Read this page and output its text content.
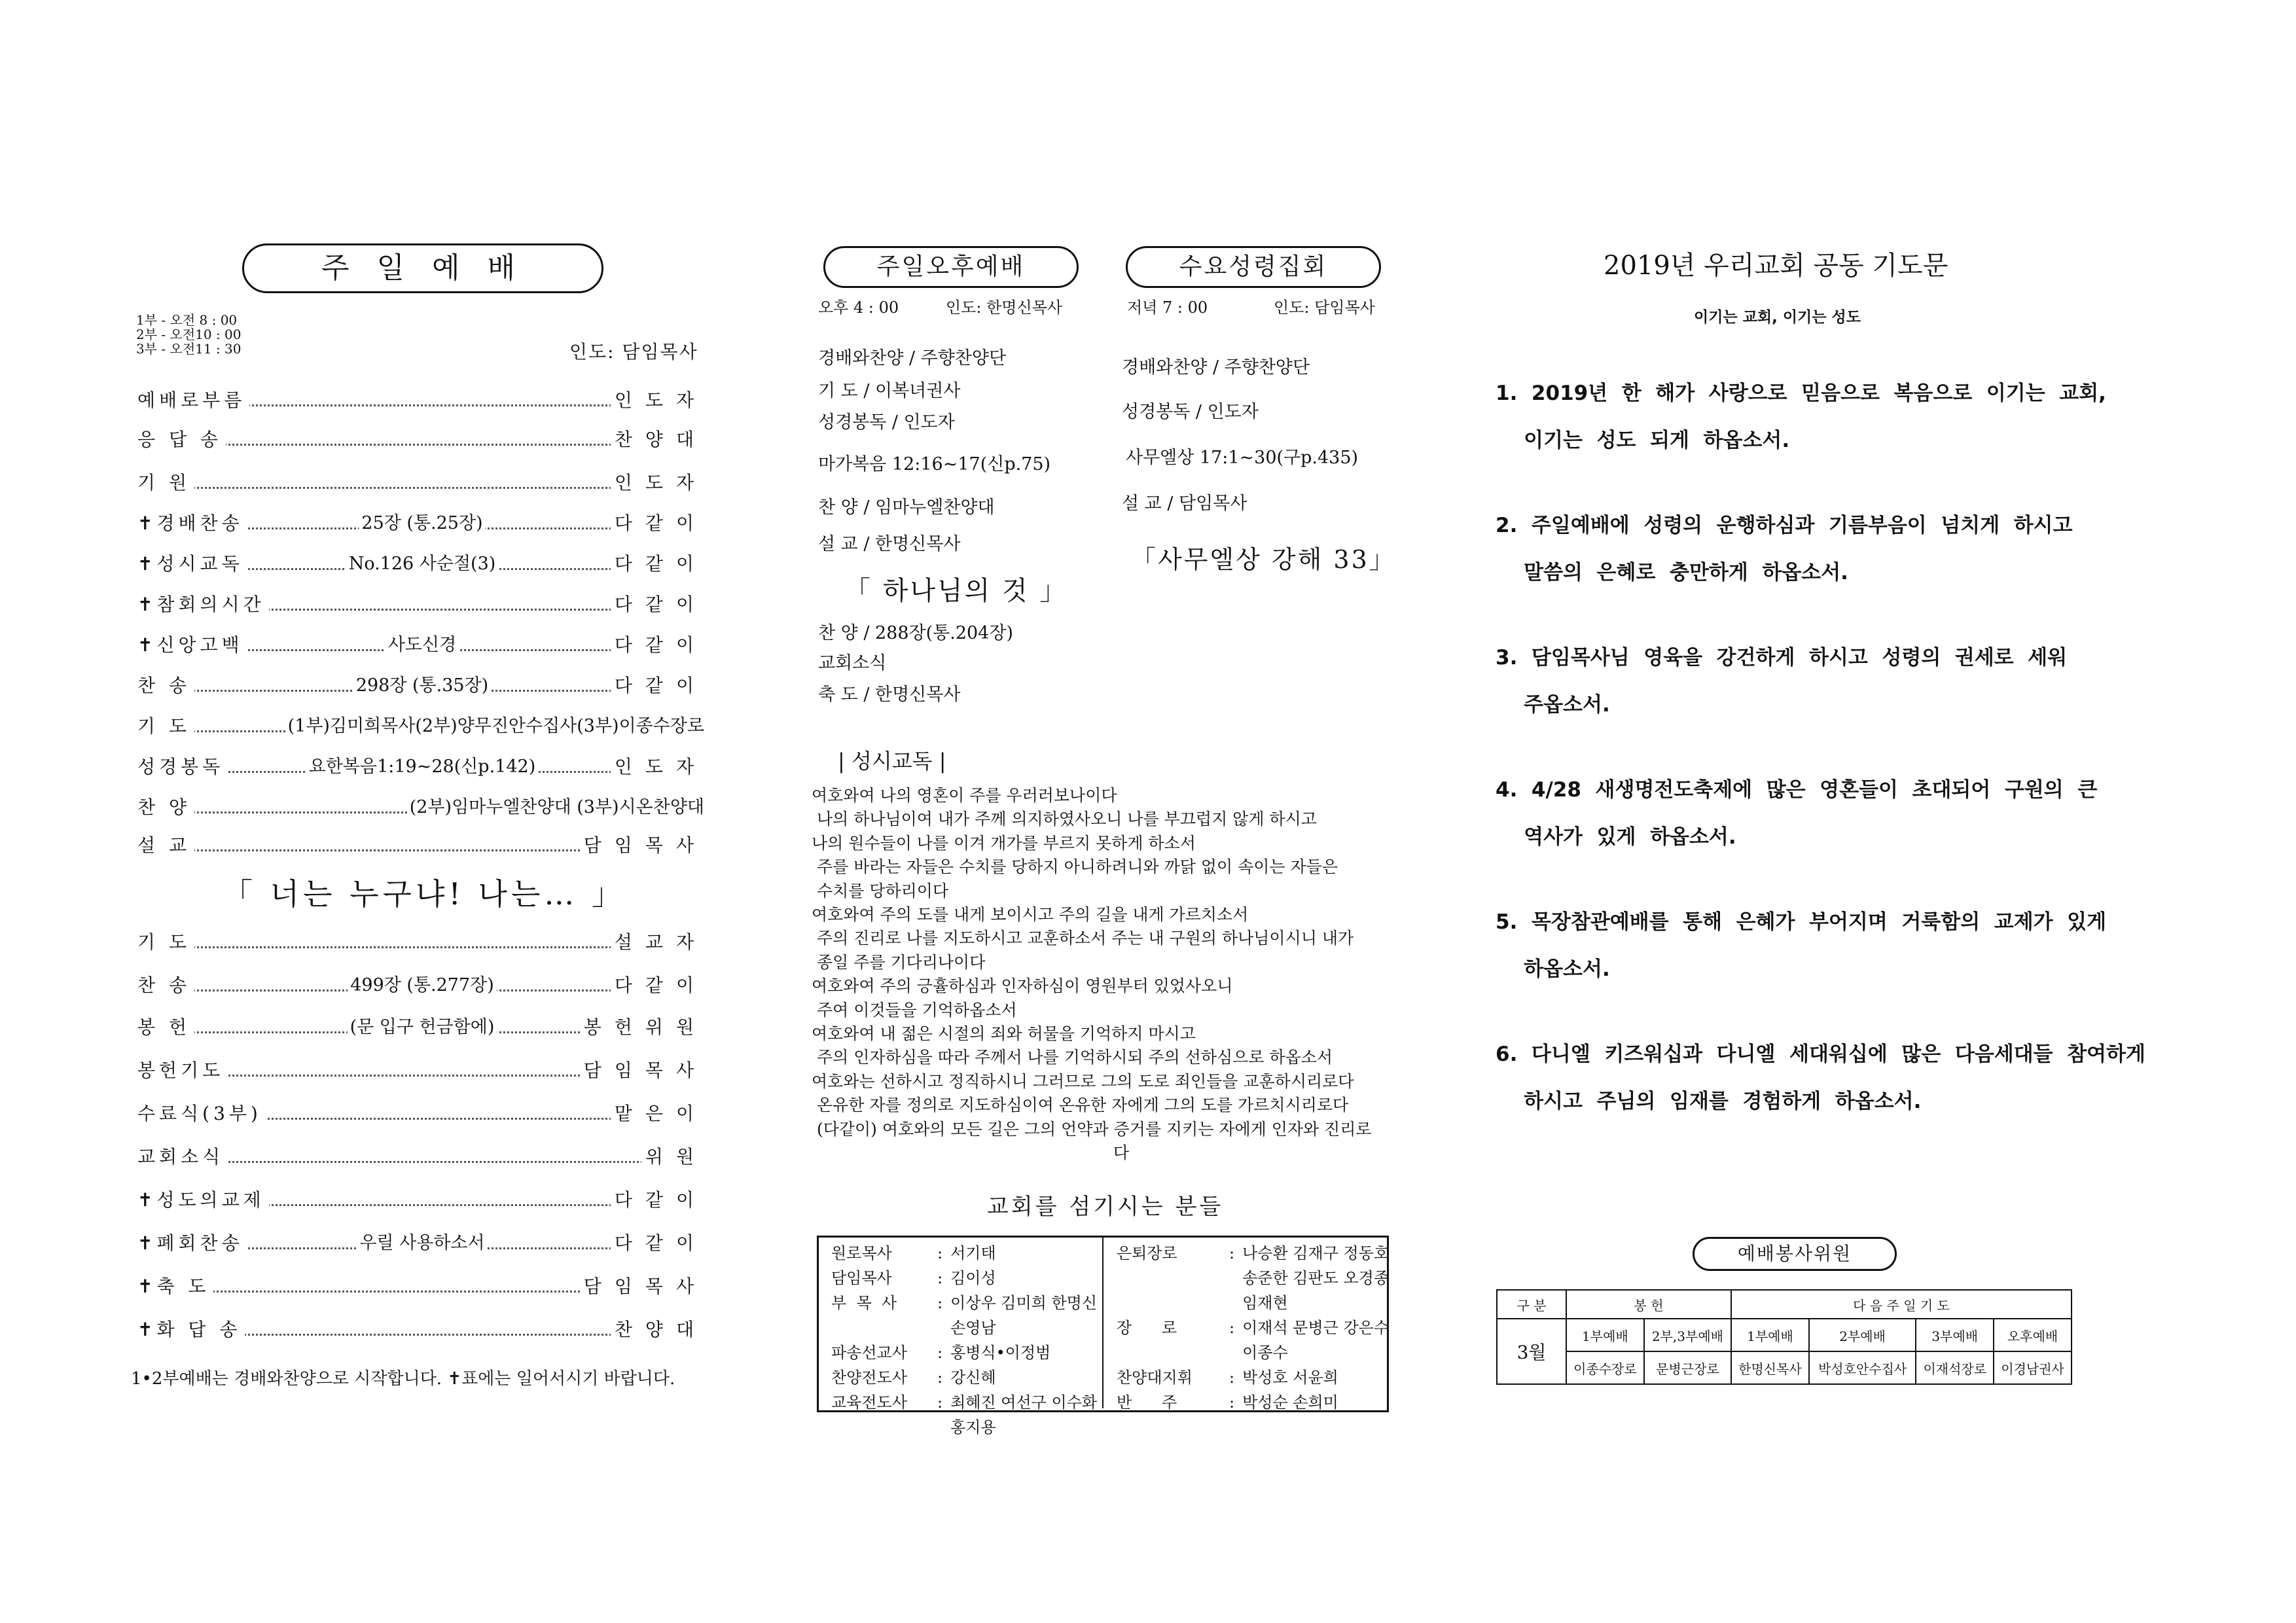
주 일 예 배
1부 - 오전 8 : 00
2부 - 오전10 : 00
3부 - 오전11 : 30	인도: 담임목사
예배로부름	인도자
응 답 송	찬양대
기 원	인도자
✝경배찬송	25장 (통.25장)	다같이
✝성시교독	No.126 사순절(3)	다같이
✝참회의시간	다같이
✝신앙고백	사도신경	다같이
찬 송	298장 (통.35장)	다같이
기 도	(1부)김미희목사(2부)양무진안수집사(3부)이종수장로
성경봉독	요한복음1:19~28(신p.142)	인도자
찬 양	(2부)임마누엘찬양대 (3부)시온찬양대
설 교	담임목사
「 너는 누구냐! 나는… 」
기 도	설교자
찬 송	499장 (통.277장)	다같이
봉 헌	(문 입구 헌금함에)	봉헌위원
봉헌기도	담임목사
수료식(3부)	맡은이
교회소식	위원
✝성도의교제	다같이
✝폐회찬송	우릴 사용하소서	다같이
✝축 도	담임목사
✝화 답 송	찬양대
1•2부예배는 경배와찬양으로 시작합니다. ✝표에는 일어서시기 바랍니다.
주일오후예배
오후 4 : 00	인도: 한명신목사
경배와찬양 / 주향찬양단
기 도 / 이복녀권사
성경봉독 / 인도자
마가복음 12:16~17(신p.75)
찬 양 / 임마누엘찬양대
설 교 / 한명신목사
「 하나님의 것 」
찬 양 / 288장(통.204장)
교회소식
축 도 / 한명신목사
수요성령집회
저녁 7 : 00	인도: 담임목사
경배와찬양 / 주향찬양단
성경봉독 / 인도자
사무엘상 17:1~30(구p.435)
설 교 / 담임목사
「사무엘상 강해 33」
| 성시교독 |
여호와여 나의 영혼이 주를 우러러보나이다
나의 하나님이여 내가 주께 의지하였사오니 나를 부끄럽지 않게 하시고
나의 원수들이 나를 이겨 개가를 부르지 못하게 하소서
주를 바라는 자들은 수치를 당하지 아니하려니와 까닭 없이 속이는 자들은
수치를 당하리이다
여호와여 주의 도를 내게 보이시고 주의 길을 내게 가르치소서
주의 진리로 나를 지도하시고 교훈하소서 주는 내 구원의 하나님이시니 내가
종일 주를 기다리나이다
여호와여 주의 긍휼하심과 인자하심이 영원부터 있었사오니
주여 이것들을 기억하옵소서
여호와여 내 젊은 시절의 죄와 허물을 기억하지 마시고
주의 인자하심을 따라 주께서 나를 기억하시되 주의 선하심으로 하옵소서
여호와는 선하시고 정직하시니 그러므로 그의 도로 죄인들을 교훈하시리로다
온유한 자를 정의로 지도하심이여 온유한 자에게 그의 도를 가르치시리로다
(다같이) 여호와의 모든 길은 그의 언약과 증거를 지키는 자에게 인자와 진리로
다
교회를 섬기시는 분들
원로목사	:	서기태
담임목사	:	김이성
부  목  사	:	이상우 김미희 한명신
		손영남
파송선교사	:	홍병식•이정범
찬양전도사	:	강신혜
교육전도사	:	최혜진 여선구 이수화
		홍지용
은퇴장로	:	나승환 김재구 정동호
		송준한 김판도 오경종
		임재현
장      로	:	이재석 문병근 강은수
		이종수
찬양대지휘	:	박성호 서윤희
반      주	:	박성순 손희미
2019년 우리교회 공동 기도문
이기는 교회, 이기는 성도
1.  2019년  한  해가  사랑으로  믿음으로  복음으로  이기는  교회,
이기는  성도  되게  하옵소서.
2.  주일예배에  성령의  운행하심과  기름부음이  넘치게  하시고
말씀의  은혜로  충만하게  하옵소서.
3.  담임목사님  영육을  강건하게  하시고  성령의  권세로  세워
주옵소서.
4.  4/28  새생명전도축제에  많은  영혼들이  초대되어  구원의  큰
역사가  있게  하옵소서.
5.  목장참관예배를  통해  은혜가  부어지며  거룩함의  교제가  있게
하옵소서.
6.  다니엘  키즈워십과  다니엘  세대워십에  많은  다음세대들  참여하게
하시고  주님의  임재를  경험하게  하옵소서.
예배봉사위원
구 분	봉 헌		다 음 주 일 기 도			
3월	1부예배	2부,3부예배	1부예배	2부예배	3부예배	오후예배
	이종수장로	문병근장로	한명신목사	박성호안수집사	이재석장로	이경남권사
